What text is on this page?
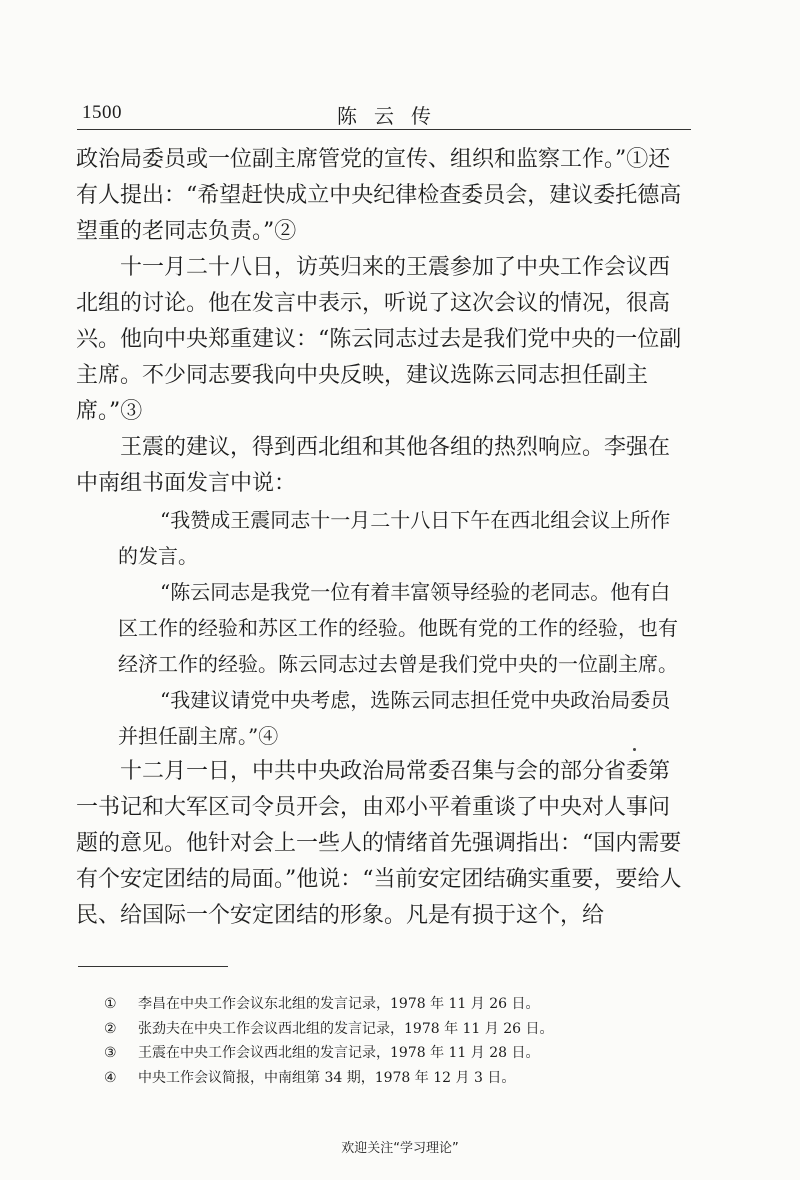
1500	陈云传

政治局委员或一位副主席管党的宣传、组织和监察工作。”①还有人提出：“希望赶快成立中央纪律检查委员会，建议委托德高望重的老同志负责。”②

十一月二十八日，访英归来的王震参加了中央工作会议西北组的讨论。他在发言中表示，听说了这次会议的情况，很高兴。他向中央郑重建议：“陈云同志过去是我们党中央的一位副主席。不少同志要我向中央反映，建议选陈云同志担任副主席。”③

王震的建议，得到西北组和其他各组的热烈响应。李强在中南组书面发言中说：

“我赞成王震同志十一月二十八日下午在西北组会议上所作的发言。

“陈云同志是我党一位有着丰富领导经验的老同志。他有白区工作的经验和苏区工作的经验。他既有党的工作的经验，也有经济工作的经验。陈云同志过去曾是我们党中央的一位副主席。

“我建议请党中央考虑，选陈云同志担任党中央政治局委员并担任副主席。”④

十二月一日，中共中央政治局常委召集与会的部分省委第一书记和大军区司令员开会，由邓小平着重谈了中央对人事问题的意见。他针对会上一些人的情绪首先强调指出：“国内需要有个安定团结的局面。”他说：“当前安定团结确实重要，要给人民、给国际一个安定团结的形象。凡是有损于这个，给

① 李昌在中央工作会议东北组的发言记录，1978 年 11 月 26 日。
② 张劲夫在中央工作会议西北组的发言记录，1978 年 11 月 26 日。
③ 王震在中央工作会议西北组的发言记录，1978 年 11 月 28 日。
④ 中央工作会议简报，中南组第 34 期，1978 年 12 月 3 日。
欢迎关注“学习理论”
